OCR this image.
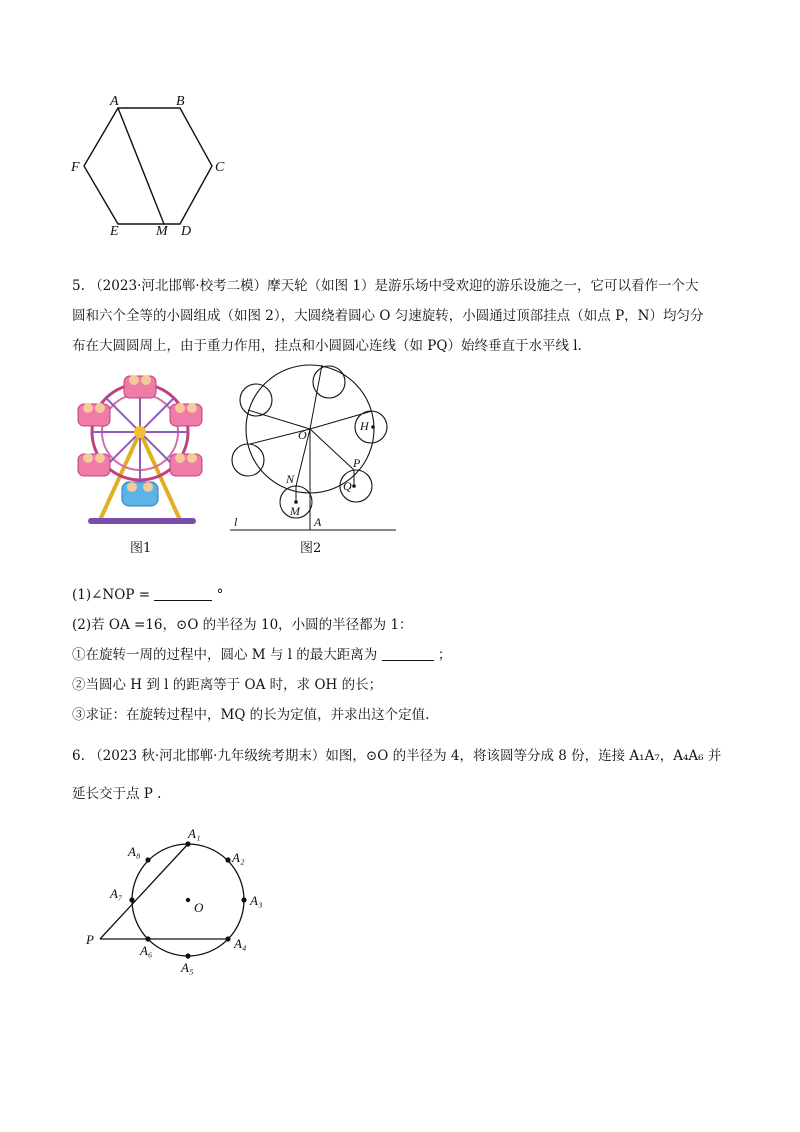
A	B
C
D
E
F
M
5. （2023·河北邯郸·校考二模）摩天轮（如图 1）是游乐场中受欢迎的游乐设施之一，它可以看作一个大
圆和六个全等的小圆组成（如图 2），大圆绕着圆心 O 匀速旋转，小圆通过顶部挂点（如点 P，N）均匀分
布在大圆圆周上，由于重力作用，挂点和小圆圆心连线（如 PQ）始终垂直于水平线 l.
图1
O
H
N
P
Q
M
l	A
图2
(1)∠NOP =	°
(2)若 OA =16，⊙O 的半径为 10，小圆的半径都为 1：
①在旋转一周的过程中，圆心 M 与 l 的最大距离为	；
②当圆心 H 到 l 的距离等于 OA 时，求 OH 的长；
③求证：在旋转过程中，MQ 的长为定值，并求出这个定值.
6. （2023 秋·河北邯郸·九年级统考期末）如图，⊙O 的半径为 4，将该圆等分成 8 份，连接 A₁A₇，A₄A₆ 并
延长交于点 P .
A₁
A₂
A₃
A₄
A₅
A₆
A₇
A₈
O
P
